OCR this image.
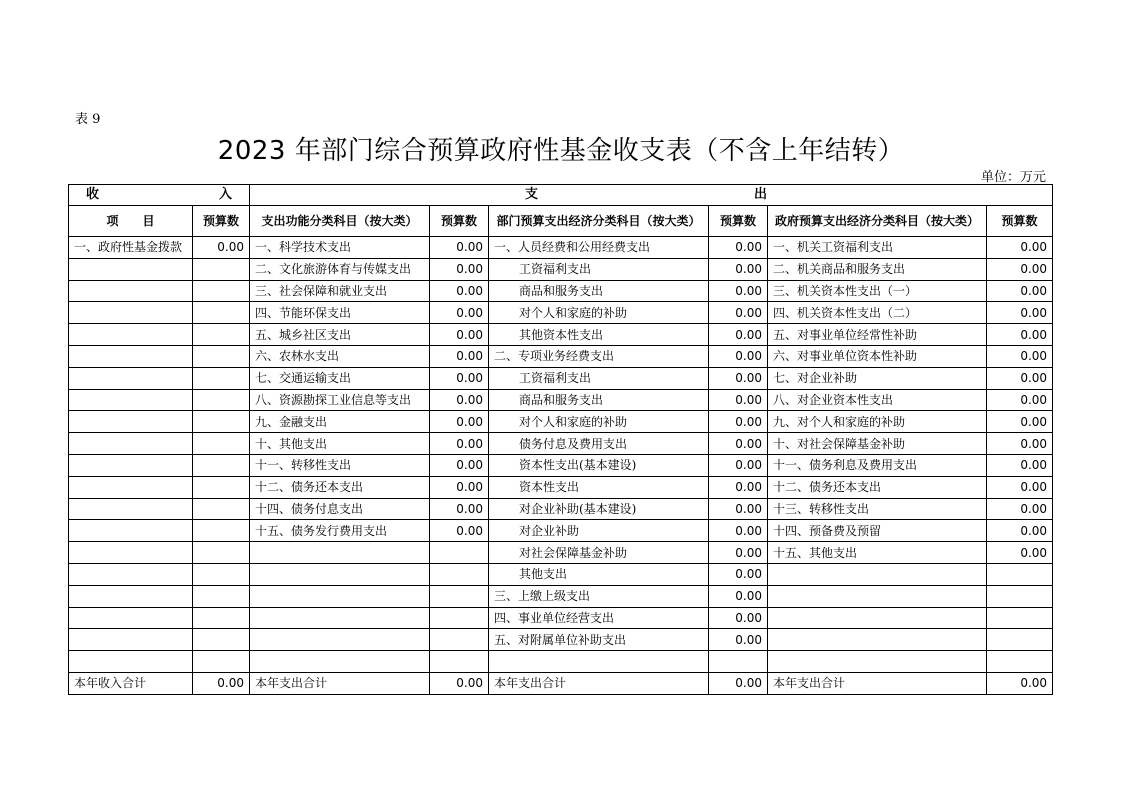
表 9
2023 年部门综合预算政府性基金收支表（不含上年结转）
单位：万元
收 入		支 出					

项　　目	预算数	支出功能分类科目（按大类）	预算数	部门预算支出经济分类科目（按大类）	预算数	政府预算支出经济分类科目（按大类）	预算数
一、政府性基金拨款	0.00	一、科学技术支出	0.00	一、人员经费和公用经费支出	0.00	一、机关工资福利支出	0.00
		二、文化旅游体育与传媒支出	0.00	工资福利支出	0.00	二、机关商品和服务支出	0.00
		三、社会保障和就业支出	0.00	商品和服务支出	0.00	三、机关资本性支出（一）	0.00
		四、节能环保支出	0.00	对个人和家庭的补助	0.00	四、机关资本性支出（二）	0.00
		五、城乡社区支出	0.00	其他资本性支出	0.00	五、对事业单位经常性补助	0.00
		六、农林水支出	0.00	二、专项业务经费支出	0.00	六、对事业单位资本性补助	0.00
		七、交通运输支出	0.00	工资福利支出	0.00	七、对企业补助	0.00
		八、资源勘探工业信息等支出	0.00	商品和服务支出	0.00	八、对企业资本性支出	0.00
		九、金融支出	0.00	对个人和家庭的补助	0.00	九、对个人和家庭的补助	0.00
		十、其他支出	0.00	债务付息及费用支出	0.00	十、对社会保障基金补助	0.00
		十一、转移性支出	0.00	资本性支出(基本建设)	0.00	十一、债务利息及费用支出	0.00
		十二、债务还本支出	0.00	资本性支出	0.00	十二、债务还本支出	0.00
		十四、债务付息支出	0.00	对企业补助(基本建设)	0.00	十三、转移性支出	0.00
		十五、债务发行费用支出	0.00	对企业补助	0.00	十四、预备费及预留	0.00
				对社会保障基金补助	0.00	十五、其他支出	0.00
				其他支出	0.00		
				三、上缴上级支出	0.00		
				四、事业单位经营支出	0.00		
				五、对附属单位补助支出	0.00		

本年收入合计	0.00	本年支出合计	0.00	本年支出合计	0.00	本年支出合计	0.00
